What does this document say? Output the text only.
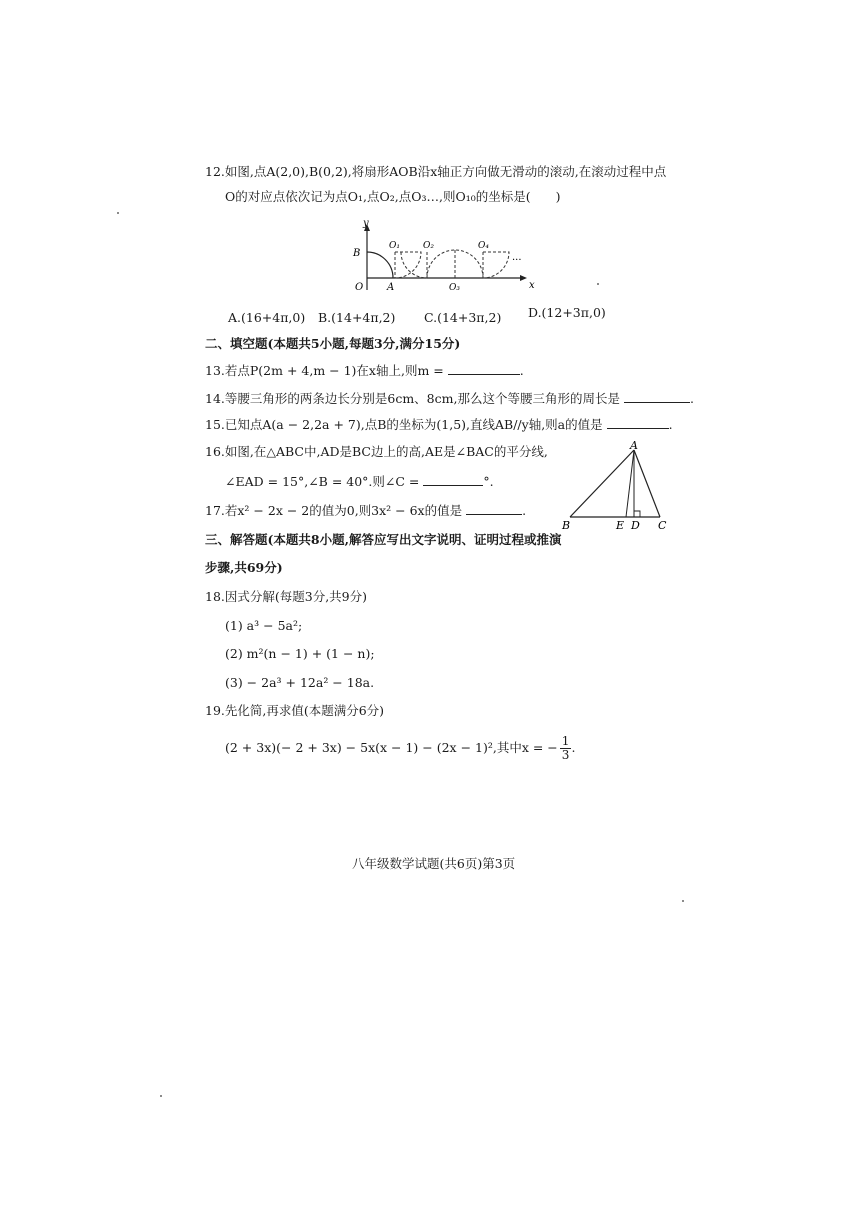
12.如图,点A(2,0),B(0,2),将扇形AOB沿x轴正方向做无滑动的滚动,在滚动过程中点
O的对应点依次记为点O₁,点O₂,点O₃…,则O₁₀的坐标是(　　)
y
x
B
O A
O₁	O₂
O₃
O₄
···
A.(16+4π,0) B.(14+4π,2) C.(14+3π,2) D.(12+3π,0)
二、填空题(本题共5小题,每题3分,满分15分)
13.若点P(2m + 4,m − 1)在x轴上,则m =	.
14.等腰三角形的两条边长分别是6cm、8cm,那么这个等腰三角形的周长是	.
15.已知点A(a − 2,2a + 7),点B的坐标为(1,5),直线AB//y轴,则a的值是	.
16.如图,在△ABC中,AD是BC边上的高,AE是∠BAC的平分线,
∠EAD = 15°,∠B = 40°.则∠C =	°.
17.若x² − 2x − 2的值为0,则3x² − 6x的值是	.
A
B	E D C
三、解答题(本题共8小题,解答应写出文字说明、证明过程或推演
步骤,共69分)
18.因式分解(每题3分,共9分)
(1) a³ − 5a²;
(2) m²(n − 1) + (1 − n);
(3) − 2a³ + 12a² − 18a.
19.先化简,再求值(本题满分6分)
(2 + 3x)(− 2 + 3x) − 5x(x − 1) − (2x − 1)²,其中x = − $\frac{1}{3}$ .
八年级数学试题(共6页)第3页
